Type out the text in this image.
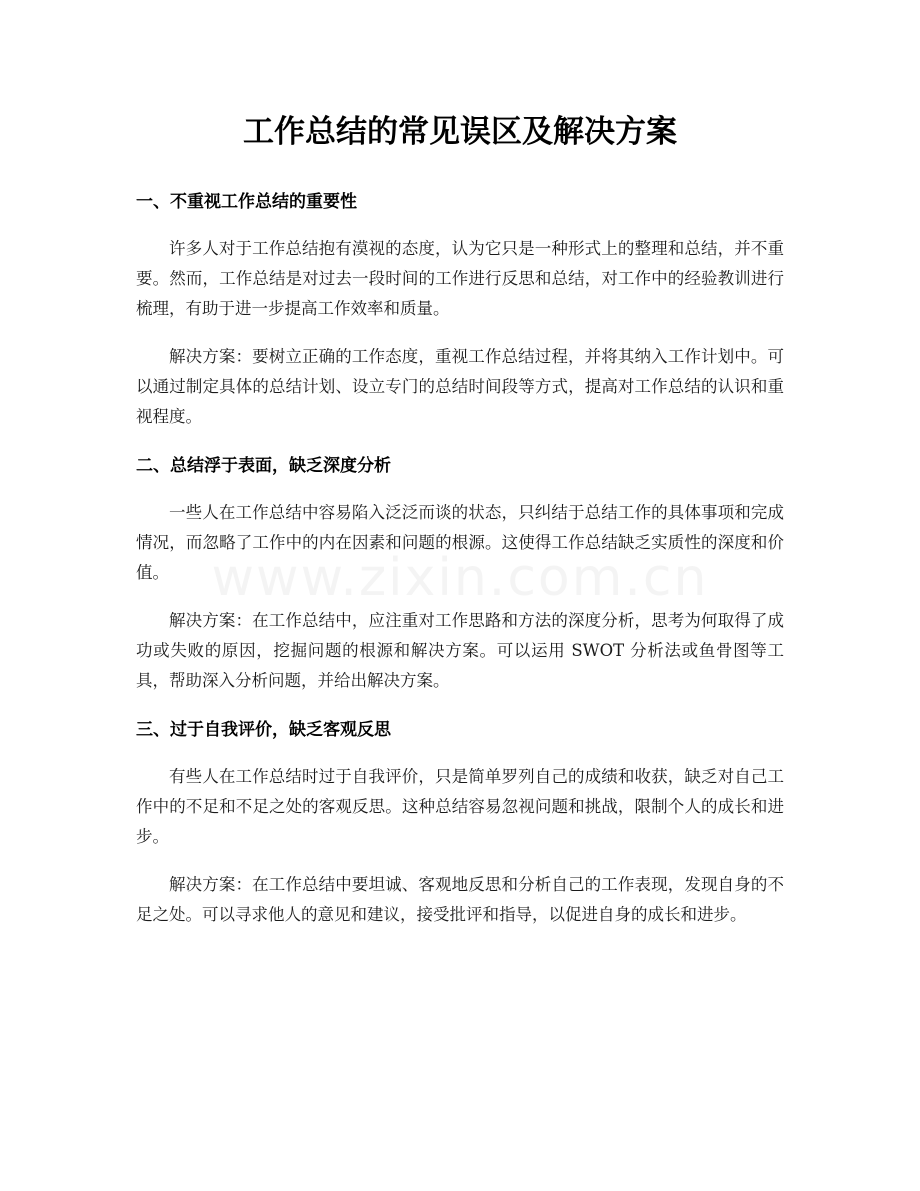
www.zixin.com.cn
工作总结的常见误区及解决方案
一、不重视工作总结的重要性

许多人对于工作总结抱有漠视的态度，认为它只是一种形式上的整理和总结，并不重要。然而，工作总结是对过去一段时间的工作进行反思和总结，对工作中的经验教训进行梳理，有助于进一步提高工作效率和质量。

解决方案：要树立正确的工作态度，重视工作总结过程，并将其纳入工作计划中。可以通过制定具体的总结计划、设立专门的总结时间段等方式，提高对工作总结的认识和重视程度。

二、总结浮于表面，缺乏深度分析

一些人在工作总结中容易陷入泛泛而谈的状态，只纠结于总结工作的具体事项和完成情况，而忽略了工作中的内在因素和问题的根源。这使得工作总结缺乏实质性的深度和价值。

解决方案：在工作总结中，应注重对工作思路和方法的深度分析，思考为何取得了成功或失败的原因，挖掘问题的根源和解决方案。可以运用 SWOT 分析法或鱼骨图等工具，帮助深入分析问题，并给出解决方案。

三、过于自我评价，缺乏客观反思

有些人在工作总结时过于自我评价，只是简单罗列自己的成绩和收获，缺乏对自己工作中的不足和不足之处的客观反思。这种总结容易忽视问题和挑战，限制个人的成长和进步。

解决方案：在工作总结中要坦诚、客观地反思和分析自己的工作表现，发现自身的不足之处。可以寻求他人的意见和建议，接受批评和指导，以促进自身的成长和进步。
